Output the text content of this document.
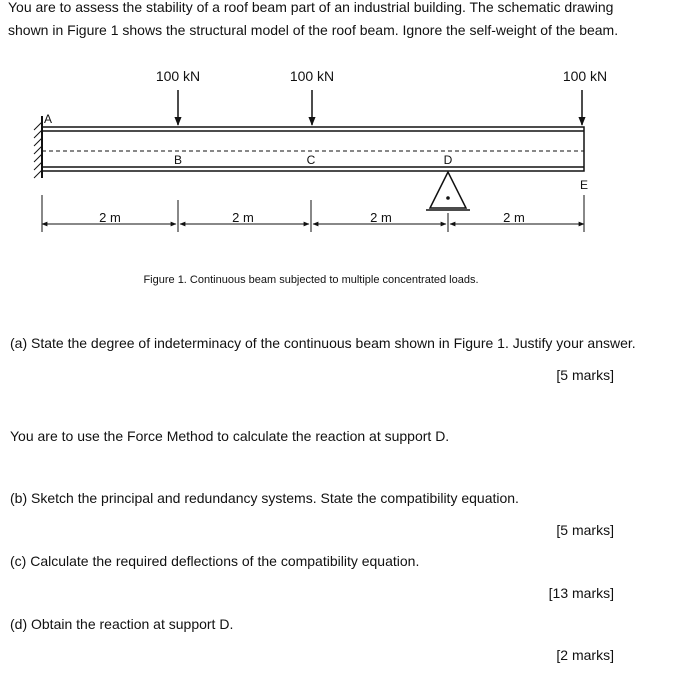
You are to assess the stability of a roof beam part of an industrial building. The schematic drawing
shown in Figure 1 shows the structural model of the roof beam. Ignore the self-weight of the beam.
100 kN	100 kN	100 kN
A
B	C	D
E
2 m	2 m	2 m	2 m
Figure 1. Continuous beam subjected to multiple concentrated loads.
(a) State the degree of indeterminacy of the continuous beam shown in Figure 1. Justify your answer.
[5 marks]
You are to use the Force Method to calculate the reaction at support D.
(b) Sketch the principal and redundancy systems. State the compatibility equation.
[5 marks]
(c) Calculate the required deflections of the compatibility equation.
[13 marks]
(d) Obtain the reaction at support D.
[2 marks]
